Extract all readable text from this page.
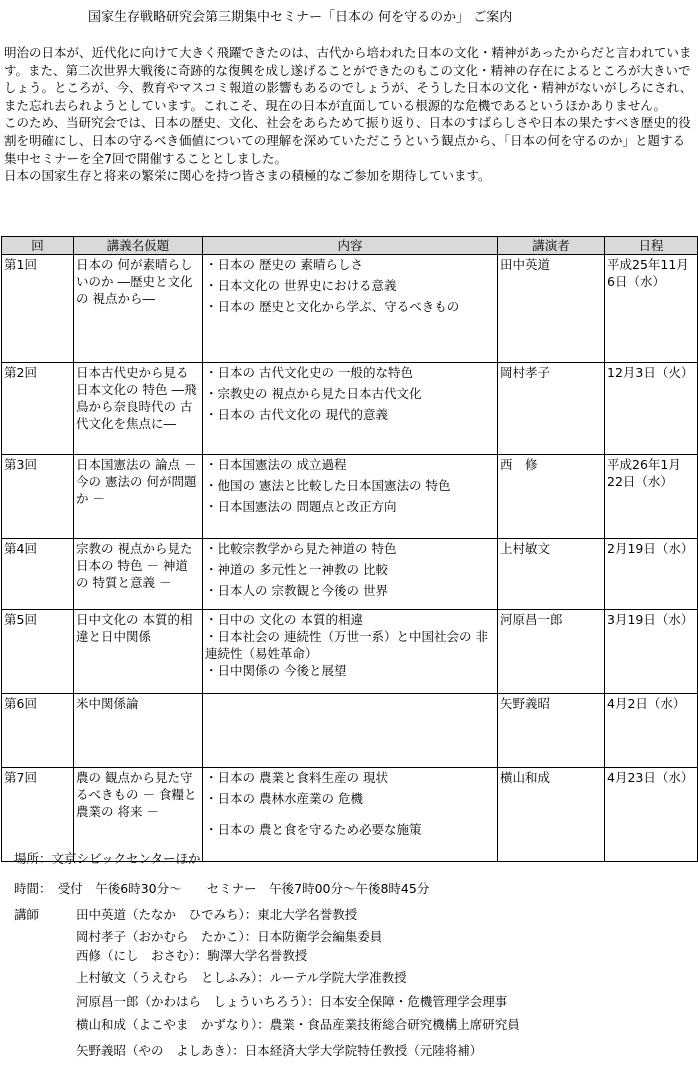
国家生存戦略研究会第三期集中セミナー「日本の 何を守るのか」 ご案内

明治の日本が、近代化に向けて大きく飛躍できたのは、古代から培われた日本の文化・精神があったからだと言われています。また、第二次世界大戦後に奇跡的な復興を成し遂げることができたのもこの文化・精神の存在によるところが大きいでしょう。ところが、今、教育やマスコミ報道の影響もあるのでしょうが、そうした日本の文化・精神がないがしろにされ、また忘れ去られようとしています。これこそ、現在の日本が直面している根源的な危機であるというほかありません。

このため、当研究会では、日本の歴史、文化、社会をあらためて振り返り、日本のすばらしさや日本の果たすべき歴史的役割を明確にし、日本の守るべき価値についての理解を深めていただこうという観点から、「日本の何を守るのか」と題する集中セミナーを全7回で開催することとしました。

日本の国家生存と将来の繁栄に関心を持つ皆さまの積極的なご参加を期待しています。

回	講義名仮題	内容	講演者	日程
第1回	日本の 何が素晴らしいのか ―歴史と文化の 視点から―	・日本の 歴史の 素晴らしさ
・日本文化の 世界史における意義
・日本の 歴史と文化から学ぶ、守るべきもの	田中英道	平成25年11月6日（水）
第2回	日本古代史から見る日本文化の 特色 ―飛鳥から奈良時代の 古代文化を焦点に―	・日本の 古代文化史の 一般的な特色
・宗教史の 視点から見た日本古代文化
・日本の 古代文化の 現代的意義	岡村孝子	12月3日（火）
第3回	日本国憲法の 論点 － 今の 憲法の 何が問題か －	・日本国憲法の 成立過程
・他国の 憲法と比較した日本国憲法の 特色
・日本国憲法の 問題点と改正方向	西　修	平成26年1月22日（水）
第4回	宗教の 視点から見た日本の 特色 － 神道の 特質と意義 －	・比較宗教学から見た神道の 特色
・神道の 多元性と一神教の 比較
・日本人の 宗教観と今後の 世界	上村敏文	2月19日（水）
第5回	日中文化の 本質的相違と日中関係	・日中の 文化の 本質的相違
・日本社会の 連続性（万世一系）と中国社会の 非連続性（易姓革命）
・日中関係の 今後と展望	河原昌一郎	3月19日（水）
第6回	米中関係論		矢野義昭	4月2日（水）
第7回	農の 観点から見た守るべきもの － 食糧と農業の 将来 －	・日本の 農業と食料生産の 現状
・日本の 農林水産業の 危機
・日本の 農と食を守るため必要な施策	横山和成	4月23日（水）
場所：文京シビックセンターほか
時間：　受付　午後6時30分～　　セミナー　午後7時00分～午後8時45分
講師	田中英道（たなか　ひでみち）：東北大学名誉教授
岡村孝子（おかむら　たかこ）：日本防衛学会編集委員
西修（にし　おさむ）：駒澤大学名誉教授
上村敏文（うえむら　としふみ）：ルーテル学院大学准教授
河原昌一郎（かわはら　しょういちろう）：日本安全保障・危機管理学会理事
横山和成（よこやま　かずなり）：農業・食品産業技術総合研究機構上席研究員
矢野義昭（やの　よしあき）：日本経済大学大学院特任教授（元陸将補）
